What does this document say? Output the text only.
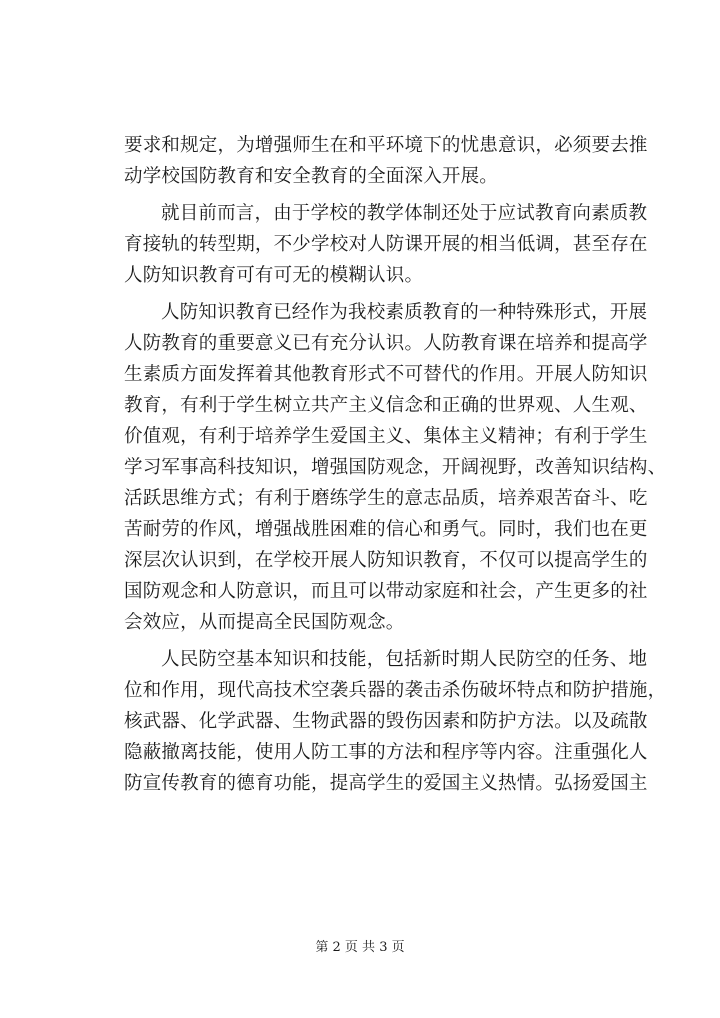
要求和规定，为增强师生在和平环境下的忧患意识，必须要去推
动学校国防教育和安全教育的全面深入开展。
就目前而言，由于学校的教学体制还处于应试教育向素质教
育接轨的转型期，不少学校对人防课开展的相当低调，甚至存在
人防知识教育可有可无的模糊认识。
人防知识教育已经作为我校素质教育的一种特殊形式，开展
人防教育的重要意义已有充分认识。人防教育课在培养和提高学
生素质方面发挥着其他教育形式不可替代的作用。开展人防知识
教育，有利于学生树立共产主义信念和正确的世界观、人生观、
价值观，有利于培养学生爱国主义、集体主义精神；有利于学生
学习军事高科技知识，增强国防观念，开阔视野，改善知识结构、
活跃思维方式；有利于磨练学生的意志品质，培养艰苦奋斗、吃
苦耐劳的作风，增强战胜困难的信心和勇气。同时，我们也在更
深层次认识到，在学校开展人防知识教育，不仅可以提高学生的
国防观念和人防意识，而且可以带动家庭和社会，产生更多的社
会效应，从而提高全民国防观念。
人民防空基本知识和技能，包括新时期人民防空的任务、地
位和作用，现代高技术空袭兵器的袭击杀伤破坏特点和防护措施，
核武器、化学武器、生物武器的毁伤因素和防护方法。以及疏散
隐蔽撤离技能，使用人防工事的方法和程序等内容。注重强化人
防宣传教育的德育功能，提高学生的爱国主义热情。弘扬爱国主
第 2 页 共 3 页
